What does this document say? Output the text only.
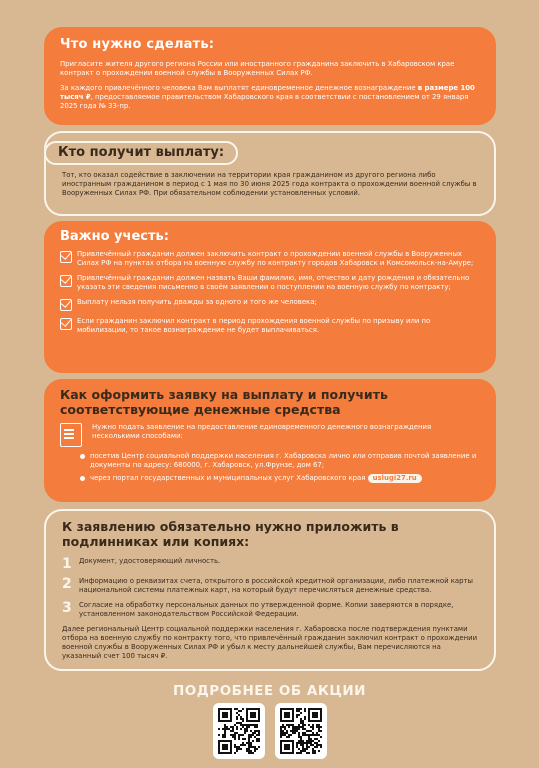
Что нужно сделать:

Пригласите жителя другого региона России или иностранного гражданина заключить в Хабаровском крае контракт о прохождении военной службы в Вооруженных Силах РФ.

За каждого привлечённого человека Вам выплатят единовременное денежное вознаграждение в размере 100 тысяч ₽, предоставляемое правительством Хабаровского края в соответствии с постановлением от 29 января 2025 года № 33-пр.

Кто получит выплату:
Тот, кто оказал содействие в заключении на территории края гражданином из другого региона либо иностранным гражданином в период с 1 мая по 30 июня 2025 года контракта о прохождении военной службы в Вооруженных Силах РФ. При обязательном соблюдении установленных условий.
Важно учесть:
Привлечённый гражданин должен заключить контракт о прохождении военной службы в Вооруженных Силах РФ на пунктах отбора на военную службу по контракту городов Хабаровск и Комсомольск-на-Амуре;
Привлечённый гражданин должен назвать Ваши фамилию, имя, отчество и дату рождения и обязательно указать эти сведения письменно в своём заявлении о поступлении на военную службу по контракту;
Выплату нельзя получить дважды за одного и того же человека;
Если гражданин заключил контракт в период прохождения военной службы по призыву или по мобилизации, то такое вознаграждение не будет выплачиваться.
Как оформить заявку на выплату и получить соответствующие денежные средства
Нужно подать заявление на предоставление единовременного денежного вознаграждения несколькими способами:
посетив Центр социальной поддержки населения г. Хабаровска лично или отправив почтой заявление и документы по адресу: 680000, г. Хабаровск, ул.Фрунзе, дом 67;
через портал государственных и муниципальных услуг Хабаровского края uslugi27.ru
К заявлению обязательно нужно приложить в подлинниках или копиях:
1	Документ, удостоверяющий личность.
2	Информацию о реквизитах счета, открытого в российской кредитной организации, либо платежной карты национальной системы платежных карт, на который будут перечисляться денежные средства.
3	Согласие на обработку персональных данных по утвержденной форме. Копии заверяются в порядке, установленном законодательством Российской Федерации.

Далее региональный Центр социальной поддержки населения г. Хабаровска после подтверждения пунктами отбора на военную службу по контракту того, что привлечённый гражданин заключил контракт о прохождении военной службы в Вооруженных Силах РФ и убыл к месту дальнейшей службы, Вам перечисляются на указанный счет 100 тысяч ₽.

ПОДРОБНЕЕ ОБ АКЦИИ
